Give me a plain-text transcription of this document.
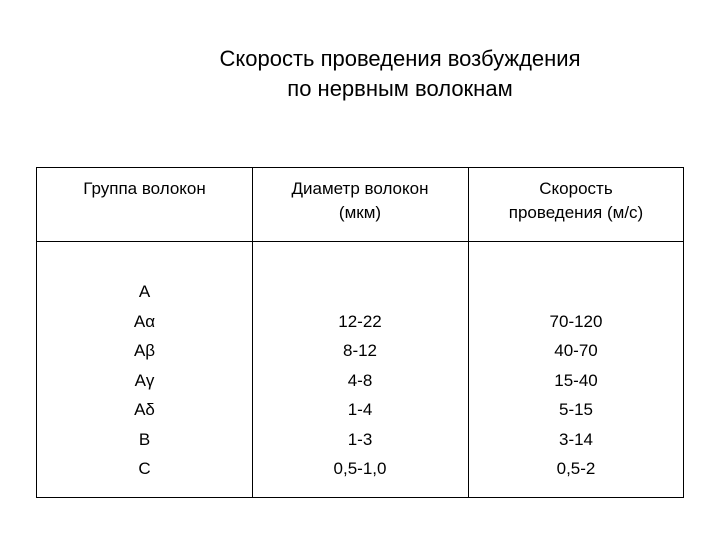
Скорость проведения возбуждения
по нервным волокнам
Группа волокон	Диаметр волокон
(мкм)
Скорость
проведения (м/с)
А
Аα
Аβ
Аγ
Аδ
В
С
12-22
8-12
4-8
1-4
1-3
0,5-1,0
70-120
40-70
15-40
5-15
3-14
0,5-2
